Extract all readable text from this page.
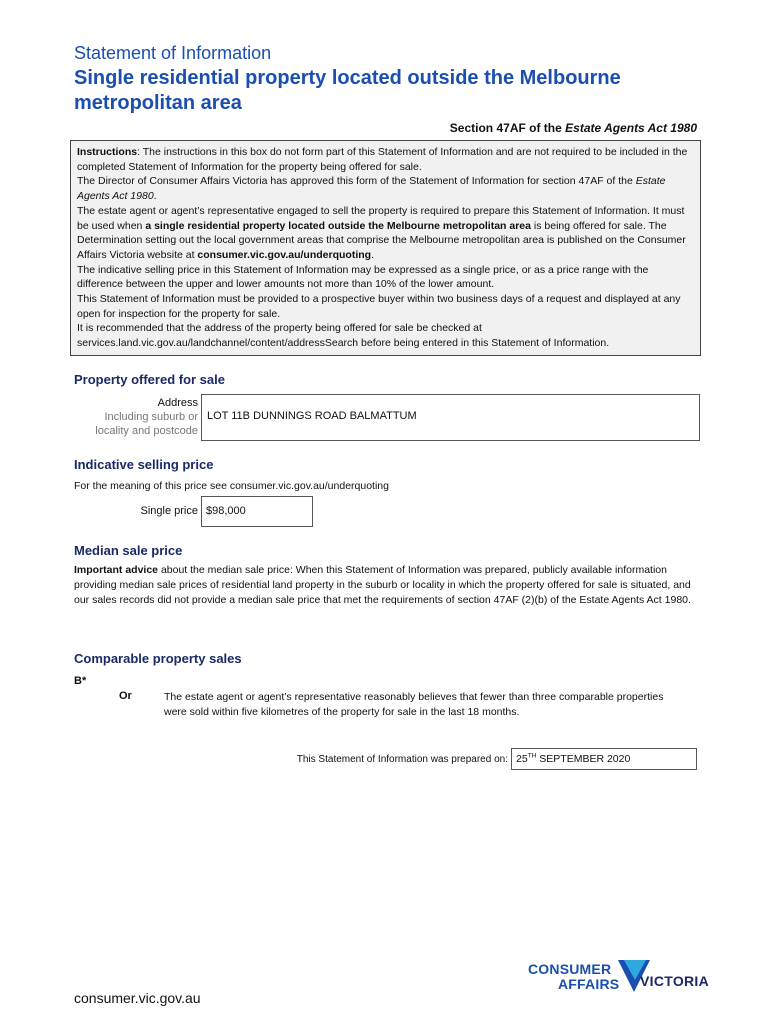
Statement of Information
Single residential property located outside the Melbourne metropolitan area
Section 47AF of the Estate Agents Act 1980

Instructions: The instructions in this box do not form part of this Statement of Information and are not required to be included in the completed Statement of Information for the property being offered for sale.

The Director of Consumer Affairs Victoria has approved this form of the Statement of Information for section 47AF of the Estate Agents Act 1980.

The estate agent or agent’s representative engaged to sell the property is required to prepare this Statement of Information. It must be used when a single residential property located outside the Melbourne metropolitan area is being offered for sale. The Determination setting out the local government areas that comprise the Melbourne metropolitan area is published on the Consumer Affairs Victoria website at consumer.vic.gov.au/underquoting.

The indicative selling price in this Statement of Information may be expressed as a single price, or as a price range with the difference between the upper and lower amounts not more than 10% of the lower amount.

This Statement of Information must be provided to a prospective buyer within two business days of a request and displayed at any open for inspection for the property for sale.

It is recommended that the address of the property being offered for sale be checked at services.land.vic.gov.au/landchannel/content/addressSearch before being entered in this Statement of Information.

Property offered for sale
Address
Including suburb or
locality and postcode
LOT 11B DUNNINGS ROAD BALMATTUM
Indicative selling price
For the meaning of this price see consumer.vic.gov.au/underquoting
Single price $98,000
Median sale price
Important advice about the median sale price: When this Statement of Information was prepared, publicly available information providing median sale prices of residential land property in the suburb or locality in which the property offered for sale is situated, and our sales records did not provide a median sale price that met the requirements of section 47AF (2)(b) of the Estate Agents Act 1980.
Comparable property sales
B*
Or	The estate agent or agent’s representative reasonably believes that fewer than three comparable properties were sold within five kilometres of the property for sale in the last 18 months.
This Statement of Information was prepared on: 25TH SEPTEMBER 2020
consumer.vic.gov.au
CONSUMER
AFFAIRS VICTORIA
